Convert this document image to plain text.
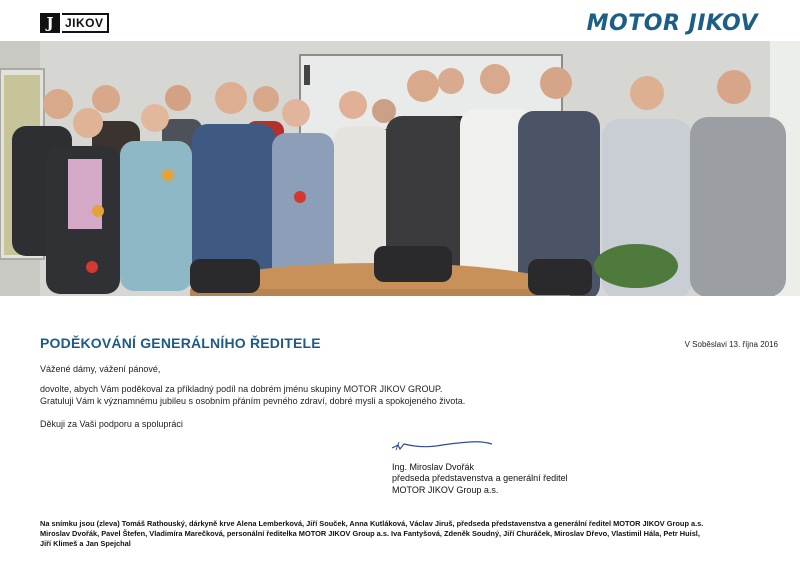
J JIKOV	MOTOR JIKOV
PODĚKOVÁNÍ GENERÁLNÍHO ŘEDITELE	V Soběslavi 13. října 2016
Vážené dámy, vážení pánové,
dovolte, abych Vám poděkoval za příkladný podíl na dobrém jménu skupiny MOTOR JIKOV GROUP.
Gratuluji Vám k významnému jubileu s osobním přáním pevného zdraví, dobré mysli a spokojeného života.
Děkuji za Vaši podporu a spolupráci
Ing. Miroslav Dvořák
předseda představenstva a generální ředitel
MOTOR JIKOV Group a.s.
Na snímku jsou (zleva) Tomáš Rathouský, dárkyně krve Alena Lemberková, Jiří Souček, Anna Kutláková, Václav Jiruš, předseda představenstva a generální ředitel MOTOR JIKOV Group a.s.
Miroslav Dvořák, Pavel Štefen, Vladimíra Marečková, personální ředitelka MOTOR JIKOV Group a.s. Iva Fantyšová, Zdeněk Soudný, Jiří Churáček, Miroslav Dřevo, Vlastimil Hála, Petr Huisl,
Jiří Klimeš a Jan Spejchal
